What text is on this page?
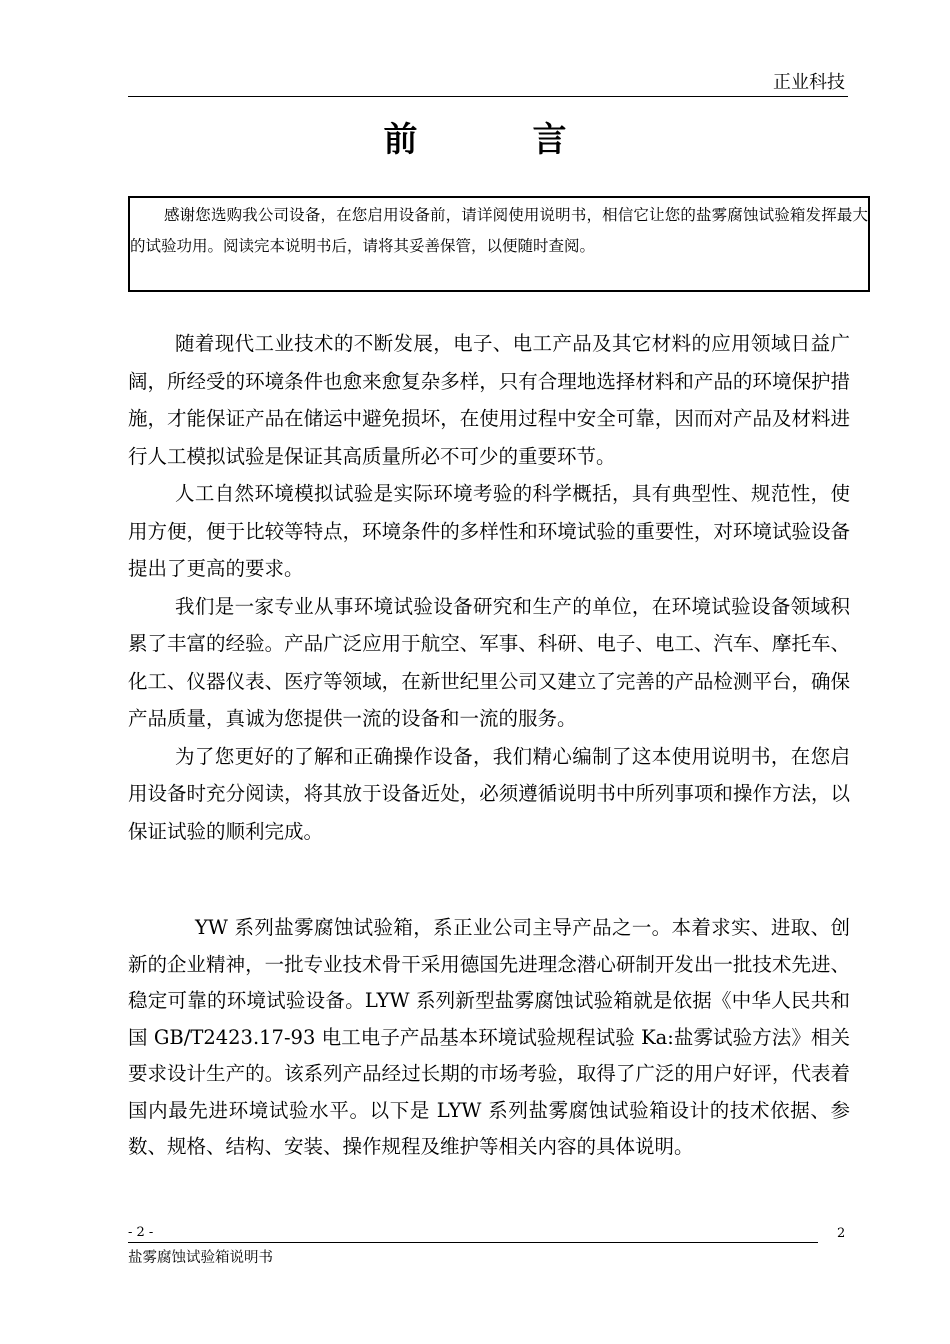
正业科技
前言

感谢您选购我公司设备，在您启用设备前，请详阅使用说明书，相信它让您的盐雾腐蚀试验箱发挥最大的试验功用。阅读完本说明书后，请将其妥善保管，以便随时查阅。

随着现代工业技术的不断发展，电子、电工产品及其它材料的应用领域日益广阔，所经受的环境条件也愈来愈复杂多样，只有合理地选择材料和产品的环境保护措施，才能保证产品在储运中避免损坏，在使用过程中安全可靠，因而对产品及材料进行人工模拟试验是保证其高质量所必不可少的重要环节。

人工自然环境模拟试验是实际环境考验的科学概括，具有典型性、规范性，使用方便，便于比较等特点，环境条件的多样性和环境试验的重要性，对环境试验设备提出了更高的要求。

我们是一家专业从事环境试验设备研究和生产的单位，在环境试验设备领域积累了丰富的经验。产品广泛应用于航空、军事、科研、电子、电工、汽车、摩托车、化工、仪器仪表、医疗等领域，在新世纪里公司又建立了完善的产品检测平台，确保产品质量，真诚为您提供一流的设备和一流的服务。

为了您更好的了解和正确操作设备，我们精心编制了这本使用说明书，在您启用设备时充分阅读，将其放于设备近处，必须遵循说明书中所列事项和操作方法，以保证试验的顺利完成。

YW 系列盐雾腐蚀试验箱，系正业公司主导产品之一。本着求实、进取、创新的企业精神，一批专业技术骨干采用德国先进理念潜心研制开发出一批技术先进、稳定可靠的环境试验设备。LYW 系列新型盐雾腐蚀试验箱就是依据《中华人民共和国 GB/T2423.17-93 电工电子产品基本环境试验规程试验 Ka:盐雾试验方法》相关要求设计生产的。该系列产品经过长期的市场考验，取得了广泛的用户好评，代表着国内最先进环境试验水平。以下是 LYW 系列盐雾腐蚀试验箱设计的技术依据、参数、规格、结构、安装、操作规程及维护等相关内容的具体说明。

- 2 -	2
盐雾腐蚀试验箱说明书
